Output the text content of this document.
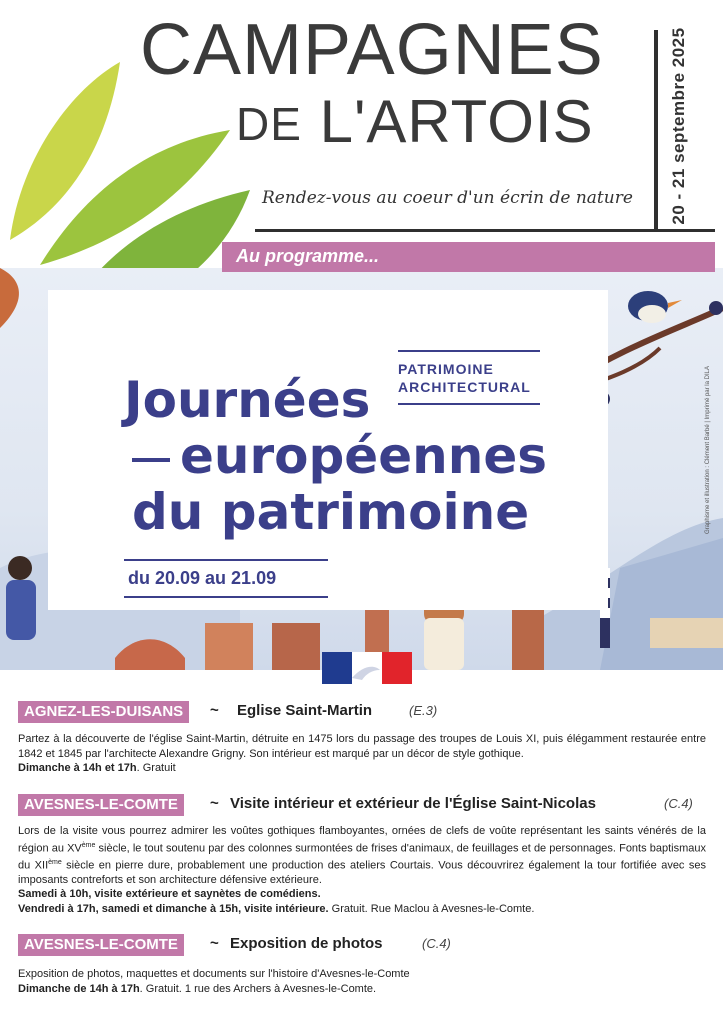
CAMPAGNES
DE L'ARTOIS
Rendez-vous au coeur d'un écrin de nature 20 - 21 septembre 2025
Au programme...
PATRIMOINE
ARCHITECTURAL
Journées
européennes
du patrimoine
du 20.09 au 21.09
Graphisme et illustration : Clément Barbé | Imprimé par la DILA
AGNEZ-LES-DUISANS	~ Eglise Saint-Martin	(E.3)
Partez à la découverte de l'église Saint-Martin, détruite en 1475 lors du passage des troupes de Louis XI, puis élégamment restaurée entre 1842 et 1845 par l'architecte Alexandre Grigny. Son intérieur est marqué par un décor de style gothique.
Dimanche à 14h et 17h. Gratuit
AVESNES-LE-COMTE	~ Visite intérieur et extérieur de l'Église Saint-Nicolas	(C.4)
Lors de la visite vous pourrez admirer les voûtes gothiques flamboyantes, ornées de clefs de voûte représentant les saints vénérés de la région au XVème siècle, le tout soutenu par des colonnes surmontées de frises d'animaux, de feuillages et de personnages. Fonts baptismaux du XIIème siècle en pierre dure, probablement une production des ateliers Courtais. Vous découvrirez également la tour fortifiée avec ses imposants contreforts et son architecture défensive extérieure.
Samedi à 10h, visite extérieure et saynètes de comédiens.
Vendredi à 17h, samedi et dimanche à 15h, visite intérieure. Gratuit. Rue Maclou à Avesnes-le-Comte.
AVESNES-LE-COMTE	~ Exposition de photos	(C.4)
Exposition de photos, maquettes et documents sur l'histoire d'Avesnes-le-Comte
Dimanche de 14h à 17h. Gratuit. 1 rue des Archers à Avesnes-le-Comte.
